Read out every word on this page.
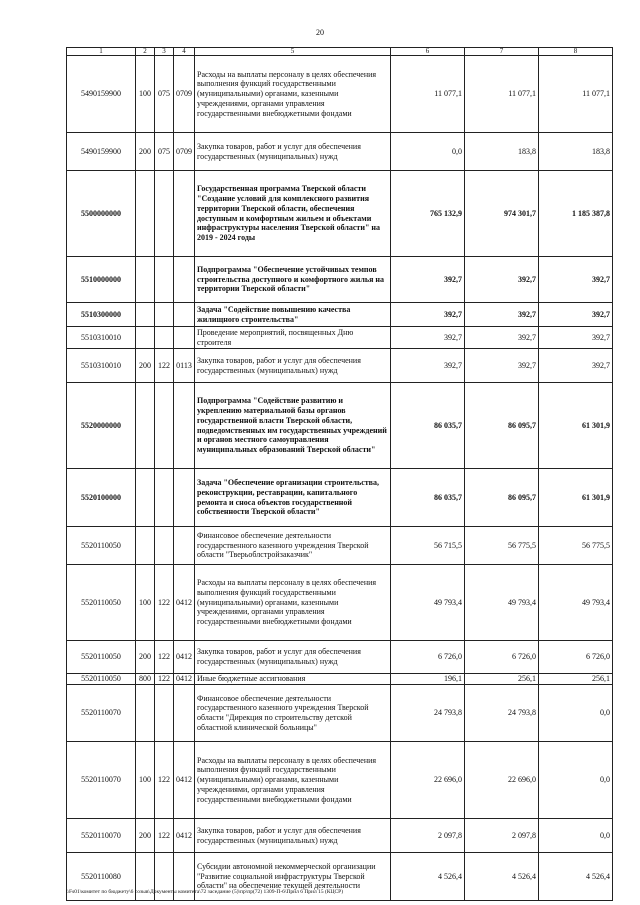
20
1	2	3	4	5	6	7	8
5490159900	100	075	0709	Расходы на выплаты персоналу в целях обеспечения выполнения функций государственными (муниципальными) органами, казенными учреждениями, органами управления государственными внебюджетными фондами	11 077,1	11 077,1	11 077,1
5490159900	200	075	0709	Закупка товаров, работ и услуг для обеспечения государственных (муниципальных) нужд	0,0	183,8	183,8
5500000000				Государственная программа Тверской области "Создание условий для комплексного развития территории Тверской области, обеспечения доступным и комфортным жильем и объектами инфраструктуры населения Тверской области" на 2019 - 2024 годы	765 132,9	974 301,7	1 185 387,8
5510000000				Подпрограмма "Обеспечение устойчивых темпов строительства доступного и комфортного жилья на территории Тверской области"	392,7	392,7	392,7
5510300000				Задача "Содействие повышению качества жилищного строительства"	392,7	392,7	392,7
5510310010				Проведение мероприятий, посвященных Дню строителя	392,7	392,7	392,7
5510310010	200	122	0113	Закупка товаров, работ и услуг для обеспечения государственных (муниципальных) нужд	392,7	392,7	392,7
5520000000				Подпрограмма "Содействие развитию и укреплению материальной базы органов государственной власти Тверской области, подведомственных им государственных учреждений и органов местного самоуправления муниципальных образований Тверской области"	86 035,7	86 095,7	61 301,9
5520100000				Задача "Обеспечение организации строительства, реконструкции, реставрации, капитального ремонта и сноса объектов государственной собственности Тверской области"	86 035,7	86 095,7	61 301,9
5520110050				Финансовое обеспечение деятельности государственного казенного учреждения Тверской области "Тверьоблстройзаказчик"	56 715,5	56 775,5	56 775,5
5520110050	100	122	0412	Расходы на выплаты персоналу в целях обеспечения выполнения функций государственными (муниципальными) органами, казенными учреждениями, органами управления государственными внебюджетными фондами	49 793,4	49 793,4	49 793,4
5520110050	200	122	0412	Закупка товаров, работ и услуг для обеспечения государственных (муниципальных) нужд	6 726,0	6 726,0	6 726,0
5520110050	800	122	0412	Иные бюджетные ассигнования	196,1	256,1	256,1
5520110070				Финансовое обеспечение деятельности государственного казенного учреждения Тверской области "Дирекция по строительству детской областной клинической больницы"	24 793,8	24 793,8	0,0
5520110070	100	122	0412	Расходы на выплаты персоналу в целях обеспечения выполнения функций государственными (муниципальными) органами, казенными учреждениями, органами управления государственными внебюджетными фондами	22 696,0	22 696,0	0,0
5520110070	200	122	0412	Закупка товаров, работ и услуг для обеспечения государственных (муниципальных) нужд	2 097,8	2 097,8	0,0
5520110080				Субсидии автономной некоммерческой организации "Развитие социальной инфраструктуры Тверской области" на обеспечение текущей деятельности	4 526,4	4 526,4	4 526,4
\\Fs01\комитет по бюджету\6 созыв\Документы комитета\72 заседание (5)\пр\пр(72) 1309-П-6\Прил 6 Прил 15 (КЦСР)
